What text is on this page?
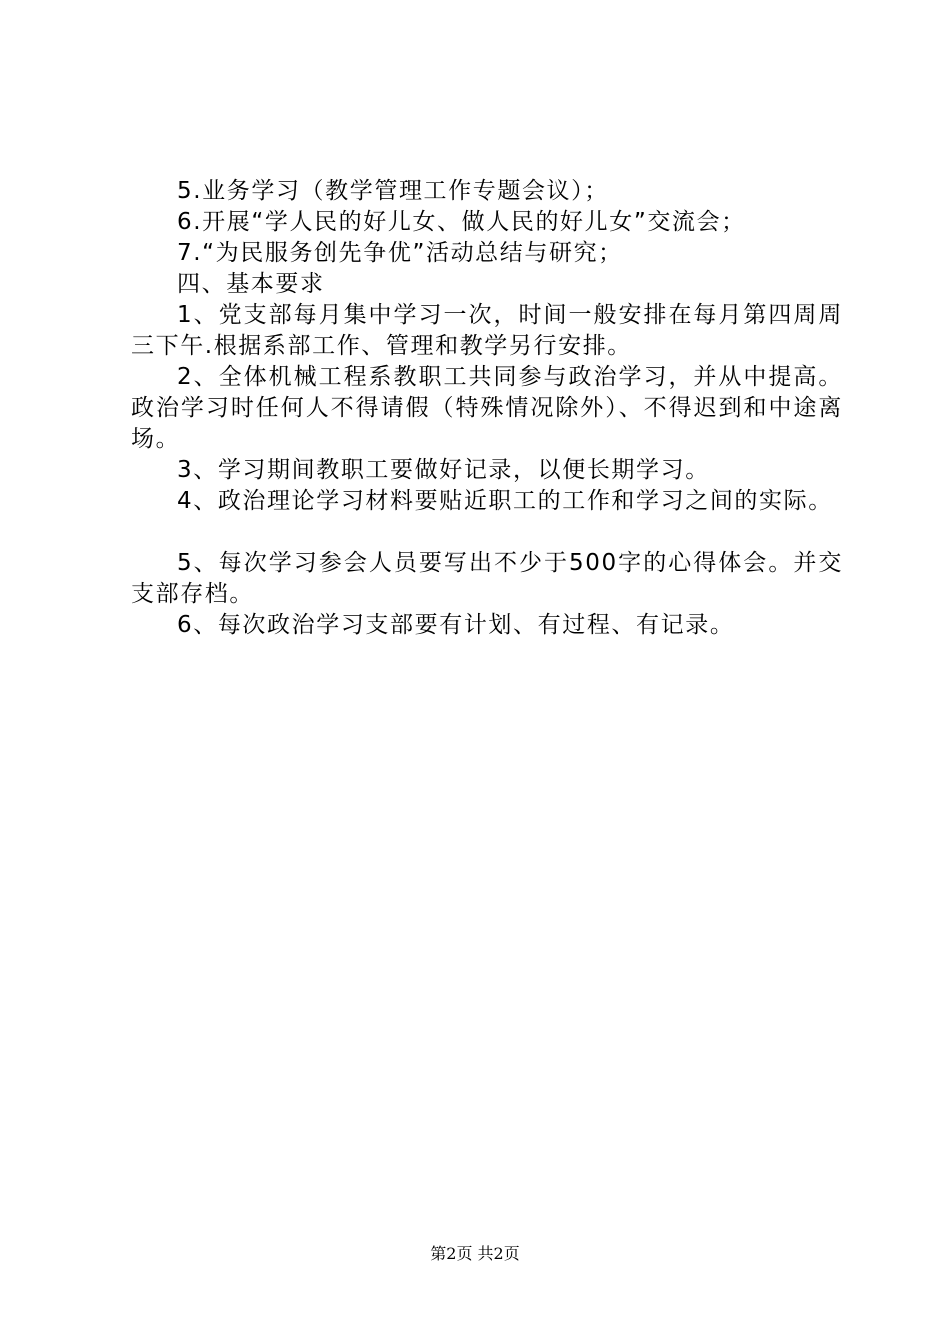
5.业务学习（教学管理工作专题会议）；

6.开展“学人民的好儿女、做人民的好儿女”交流会；

7.“为民服务创先争优”活动总结与研究；

四、基本要求

1、党支部每月集中学习一次，时间一般安排在每月第四周周三下午.根据系部工作、管理和教学另行安排。

2、全体机械工程系教职工共同参与政治学习，并从中提高。政治学习时任何人不得请假（特殊情况除外）、不得迟到和中途离场。

3、学习期间教职工要做好记录，以便长期学习。

4、政治理论学习材料要贴近职工的工作和学习之间的实际。

5、每次学习参会人员要写出不少于500字的心得体会。并交支部存档。

6、每次政治学习支部要有计划、有过程、有记录。

第2页 共2页
